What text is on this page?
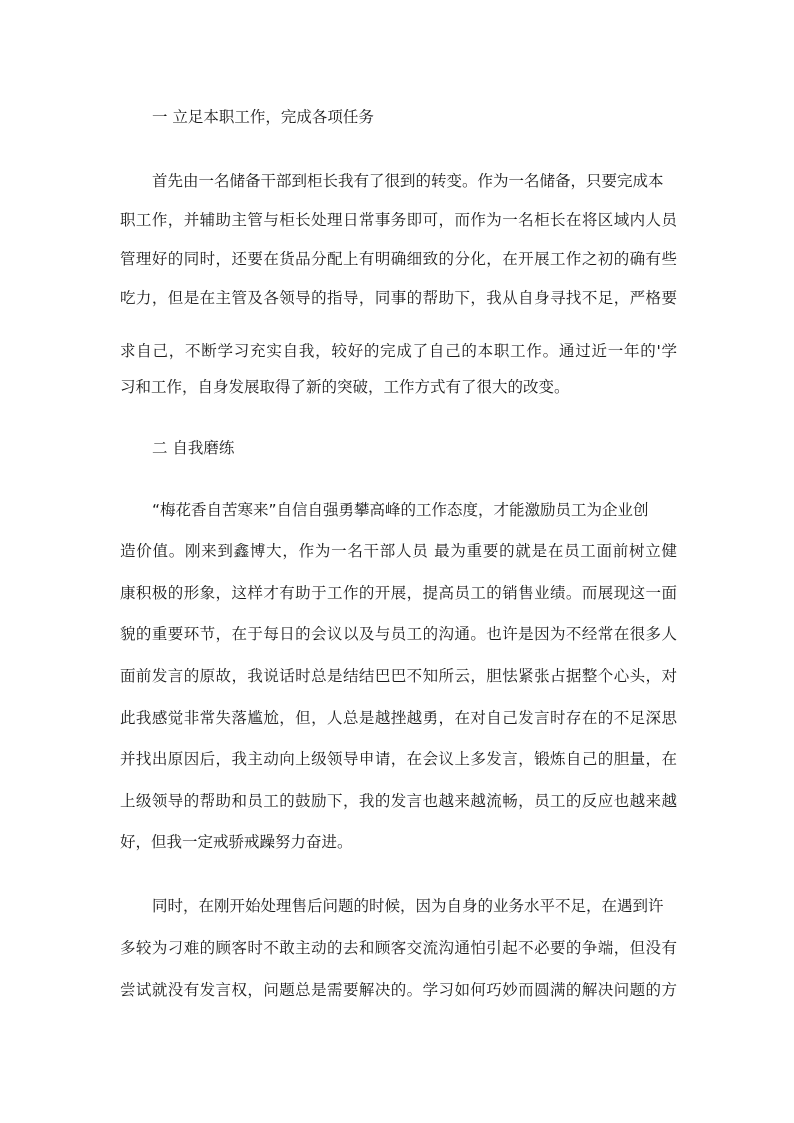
一 立足本职工作，完成各项任务
首先由一名储备干部到柜长我有了很到的转变。作为一名储备，只要完成本
职工作，并辅助主管与柜长处理日常事务即可，而作为一名柜长在将区域内人员
管理好的同时，还要在货品分配上有明确细致的分化，在开展工作之初的确有些
吃力，但是在主管及各领导的指导，同事的帮助下，我从自身寻找不足，严格要
求自己，不断学习充实自我，较好的完成了自己的本职工作。通过近一年的'学
习和工作，自身发展取得了新的突破，工作方式有了很大的改变。
二 自我磨练
“梅花香自苦寒来”自信自强勇攀高峰的工作态度，才能激励员工为企业创
造价值。刚来到鑫博大，作为一名干部人员 最为重要的就是在员工面前树立健
康积极的形象，这样才有助于工作的开展，提高员工的销售业绩。而展现这一面
貌的重要环节，在于每日的会议以及与员工的沟通。也许是因为不经常在很多人
面前发言的原故，我说话时总是结结巴巴不知所云，胆怯紧张占据整个心头，对
此我感觉非常失落尴尬，但，人总是越挫越勇，在对自己发言时存在的不足深思
并找出原因后，我主动向上级领导申请，在会议上多发言，锻炼自己的胆量，在
上级领导的帮助和员工的鼓励下，我的发言也越来越流畅，员工的反应也越来越
好，但我一定戒骄戒躁努力奋进。
同时，在刚开始处理售后问题的时候，因为自身的业务水平不足，在遇到许
多较为刁难的顾客时不敢主动的去和顾客交流沟通怕引起不必要的争端，但没有
尝试就没有发言权，问题总是需要解决的。学习如何巧妙而圆满的解决问题的方
